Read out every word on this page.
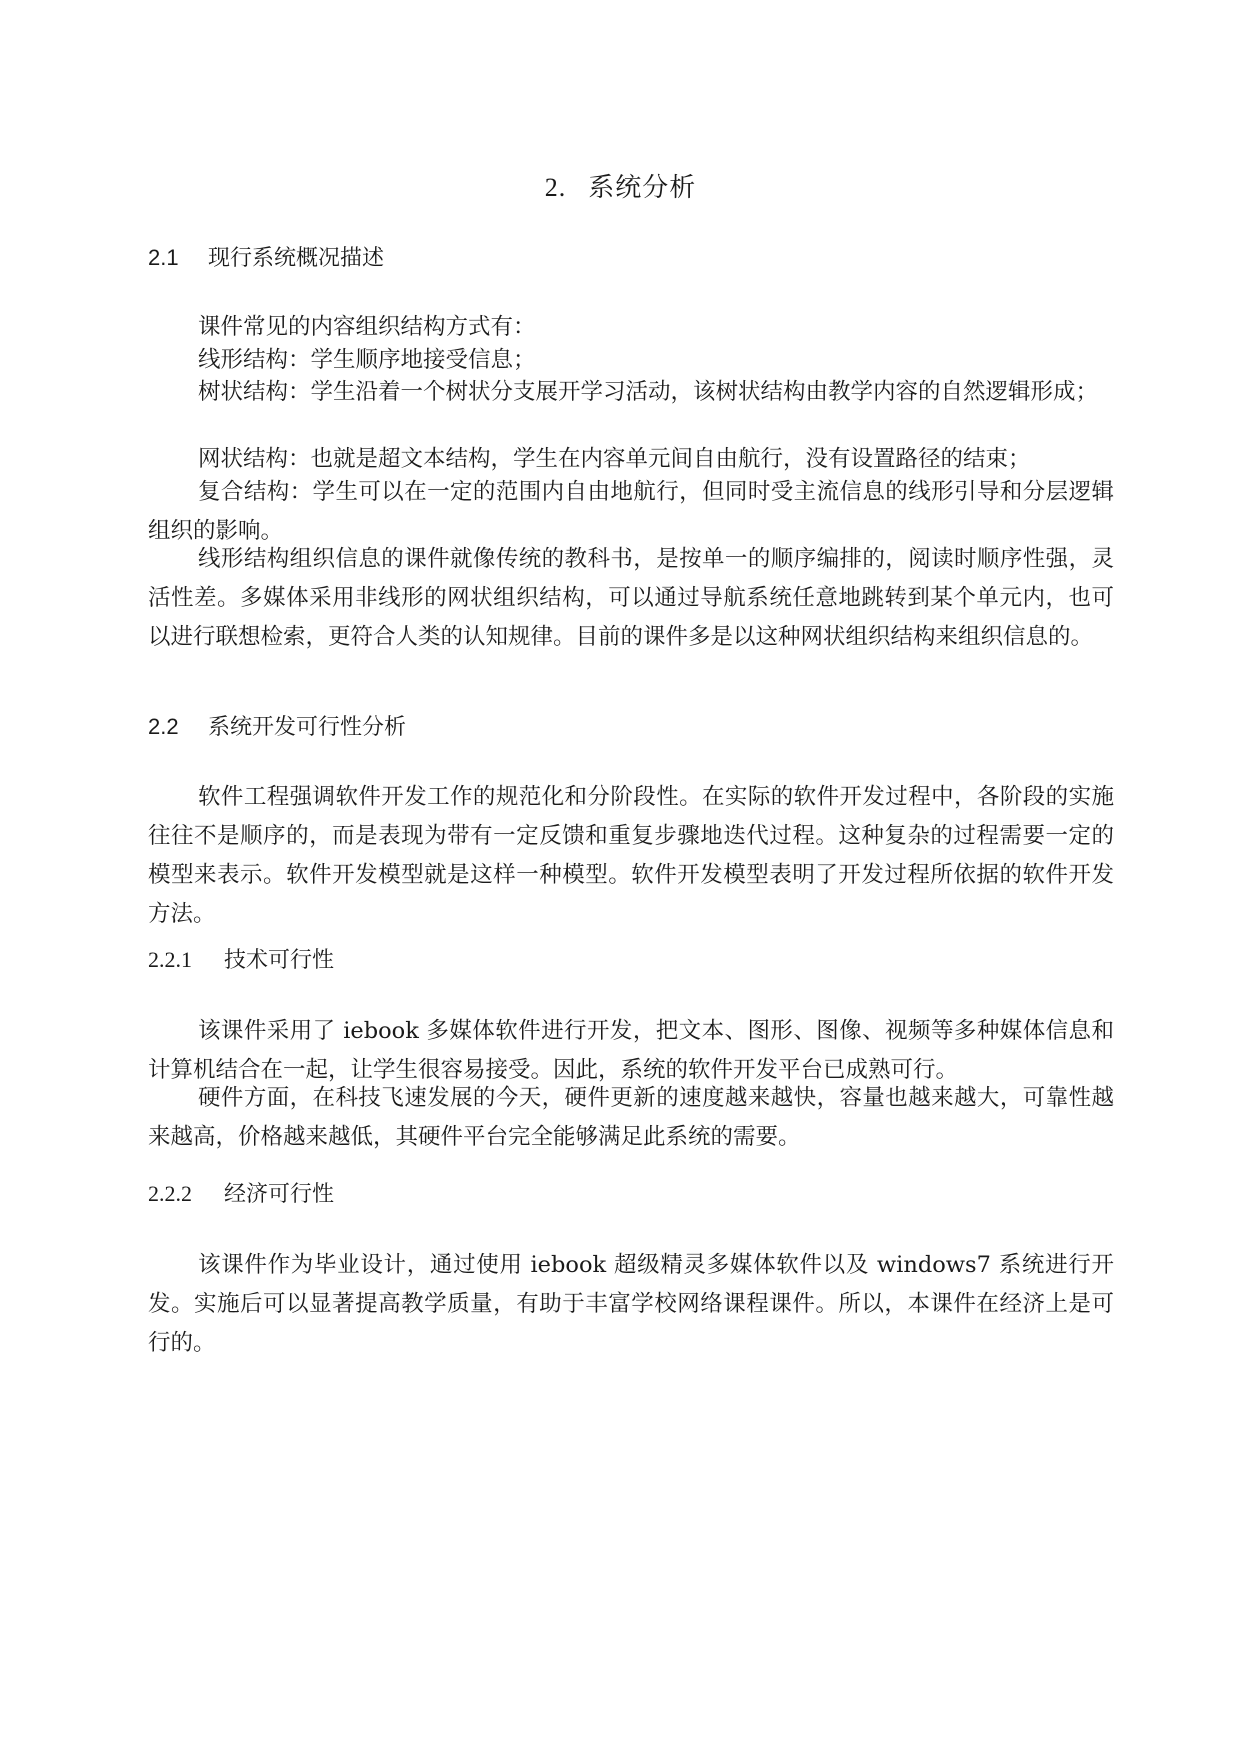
2. 系统分析
2.1 现行系统概况描述

课件常见的内容组织结构方式有：

线形结构：学生顺序地接受信息；

树状结构：学生沿着一个树状分支展开学习活动，该树状结构由教学内容的自然逻辑形成；

网状结构：也就是超文本结构，学生在内容单元间自由航行，没有设置路径的结束；

复合结构：学生可以在一定的范围内自由地航行，但同时受主流信息的线形引导和分层逻辑组织的影响。

线形结构组织信息的课件就像传统的教科书，是按单一的顺序编排的，阅读时顺序性强，灵活性差。多媒体采用非线形的网状组织结构，可以通过导航系统任意地跳转到某个单元内，也可以进行联想检索，更符合人类的认知规律。目前的课件多是以这种网状组织结构来组织信息的。

2.2 系统开发可行性分析

软件工程强调软件开发工作的规范化和分阶段性。在实际的软件开发过程中，各阶段的实施往往不是顺序的，而是表现为带有一定反馈和重复步骤地迭代过程。这种复杂的过程需要一定的模型来表示。软件开发模型就是这样一种模型。软件开发模型表明了开发过程所依据的软件开发方法。

2.2.1 技术可行性

该课件采用了 iebook 多媒体软件进行开发，把文本、图形、图像、视频等多种媒体信息和计算机结合在一起，让学生很容易接受。因此，系统的软件开发平台已成熟可行。

硬件方面，在科技飞速发展的今天，硬件更新的速度越来越快，容量也越来越大，可靠性越来越高，价格越来越低，其硬件平台完全能够满足此系统的需要。

2.2.2 经济可行性

该课件作为毕业设计，通过使用 iebook 超级精灵多媒体软件以及 windows7 系统进行开发。实施后可以显著提高教学质量，有助于丰富学校网络课程课件。所以，本课件在经济上是可行的。
